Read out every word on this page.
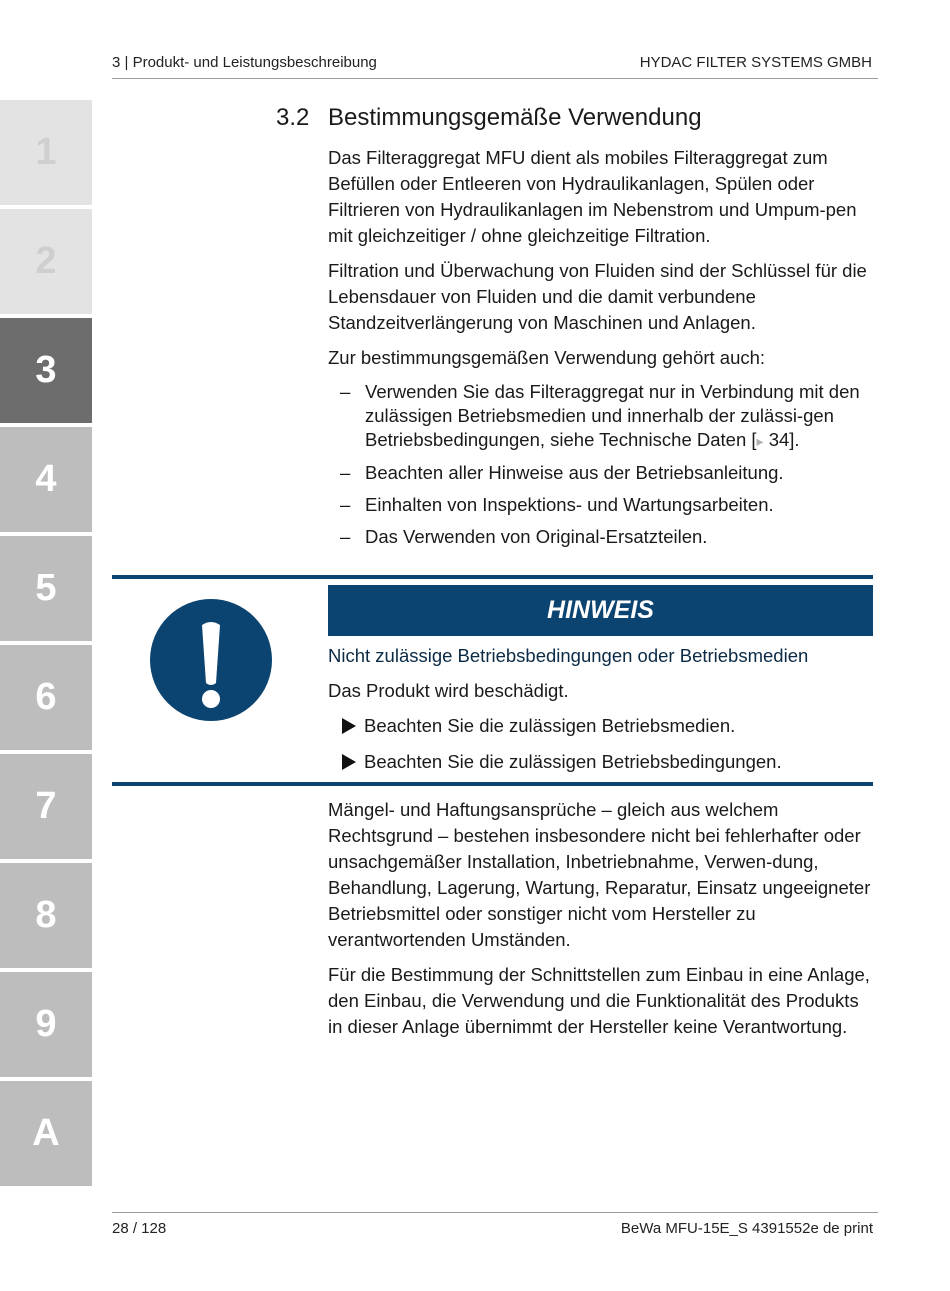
3 | Produkt- und Leistungsbeschreibung	HYDAC FILTER SYSTEMS GMBH
1
2
3
4
5
6
7
8
9
A
3.2 Bestimmungsgemäße Verwendung

Das Filteraggregat MFU dient als mobiles Filteraggregat zum Befüllen oder Entleeren von Hydraulikanlagen, Spülen oder Filtrieren von Hydraulikanlagen im Nebenstrom und Umpum-pen mit gleichzeitiger / ohne gleichzeitige Filtration.

Filtration und Überwachung von Fluiden sind der Schlüssel für die Lebensdauer von Fluiden und die damit verbundene Standzeitverlängerung von Maschinen und Anlagen.

Zur bestimmungsgemäßen Verwendung gehört auch:

– Verwenden Sie das Filteraggregat nur in Verbindung mit den zulässigen Betriebsmedien und innerhalb der zulässi-gen Betriebsbedingungen, siehe Technische Daten [▸ 34].
– Beachten aller Hinweise aus der Betriebsanleitung.
– Einhalten von Inspektions- und Wartungsarbeiten.
– Das Verwenden von Original-Ersatzteilen.
HINWEIS
Nicht zulässige Betriebsbedingungen oder Betriebsmedien
Das Produkt wird beschädigt.
Beachten Sie die zulässigen Betriebsmedien.
Beachten Sie die zulässigen Betriebsbedingungen.

Mängel- und Haftungsansprüche – gleich aus welchem Rechtsgrund – bestehen insbesondere nicht bei fehlerhafter oder unsachgemäßer Installation, Inbetriebnahme, Verwen-dung, Behandlung, Lagerung, Wartung, Reparatur, Einsatz ungeeigneter Betriebsmittel oder sonstiger nicht vom Hersteller zu verantwortenden Umständen.

Für die Bestimmung der Schnittstellen zum Einbau in eine Anlage, den Einbau, die Verwendung und die Funktionalität des Produkts in dieser Anlage übernimmt der Hersteller keine Verantwortung.

28 / 128	BeWa MFU-15E_S 4391552e de print
